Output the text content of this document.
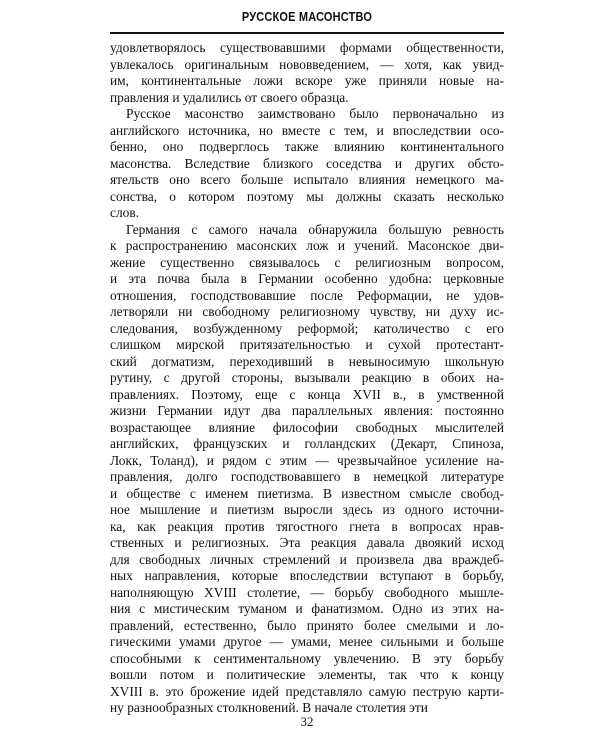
РУССКОЕ МАСОНСТВО
удовлетворялось существовавшими формами общественности,
увлекалось оригинальным нововведением, — хотя, как увид-
им, континентальные ложи вскоре уже приняли новые на-
правления и удалились от своего образца.
Русское масонство заимствовано было первоначально из
английского источника, но вместе с тем, и впоследствии осо-
бенно, оно подверглось также влиянию континентального
масонства. Вследствие близкого соседства и других обсто-
ятельств оно всего больше испытало влияния немецкого ма-
сонства, о котором поэтому мы должны сказать несколько
слов.
Германия с самого начала обнаружила большую ревность
к распространению масонских лож и учений. Масонское дви-
жение существенно связывалось с религиозным вопросом,
и эта почва была в Германии особенно удобна: церковные
отношения, господствовавшие после Реформации, не удов-
летворяли ни свободному религиозному чувству, ни духу ис-
следования, возбужденному реформой; католичество с его
слишком мирской притязательностью и сухой протестант-
ский догматизм, переходивший в невыносимую школьную
рутину, с другой стороны, вызывали реакцию в обоих на-
правлениях. Поэтому, еще с конца XVII в., в умственной
жизни Германии идут два параллельных явления: постоянно
возрастающее влияние философии свободных мыслителей
английских, французских и голландских (Декарт, Спиноза,
Локк, Толанд), и рядом с этим — чрезвычайное усиление на-
правления, долго господствовавшего в немецкой литературе
и обществе с именем пиетизма. В известном смысле свобод-
ное мышление и пиетизм выросли здесь из одного источни-
ка, как реакция против тягостного гнета в вопросах нрав-
ственных и религиозных. Эта реакция давала двоякий исход
для свободных личных стремлений и произвела два враждеб-
ных направления, которые впоследствии вступают в борьбу,
наполняющую XVIII столетие, — борьбу свободного мышле-
ния с мистическим туманом и фанатизмом. Одно из этих на-
правлений, естественно, было принято более смелыми и ло-
гическими умами другое — умами, менее сильными и больше
способными к сентиментальному увлечению. В эту борьбу
вошли потом и политические элементы, так что к концу
XVIII в. это брожение идей представляло самую пеструю карти-
ну разнообразных столкновений. В начале столетия эти
32
